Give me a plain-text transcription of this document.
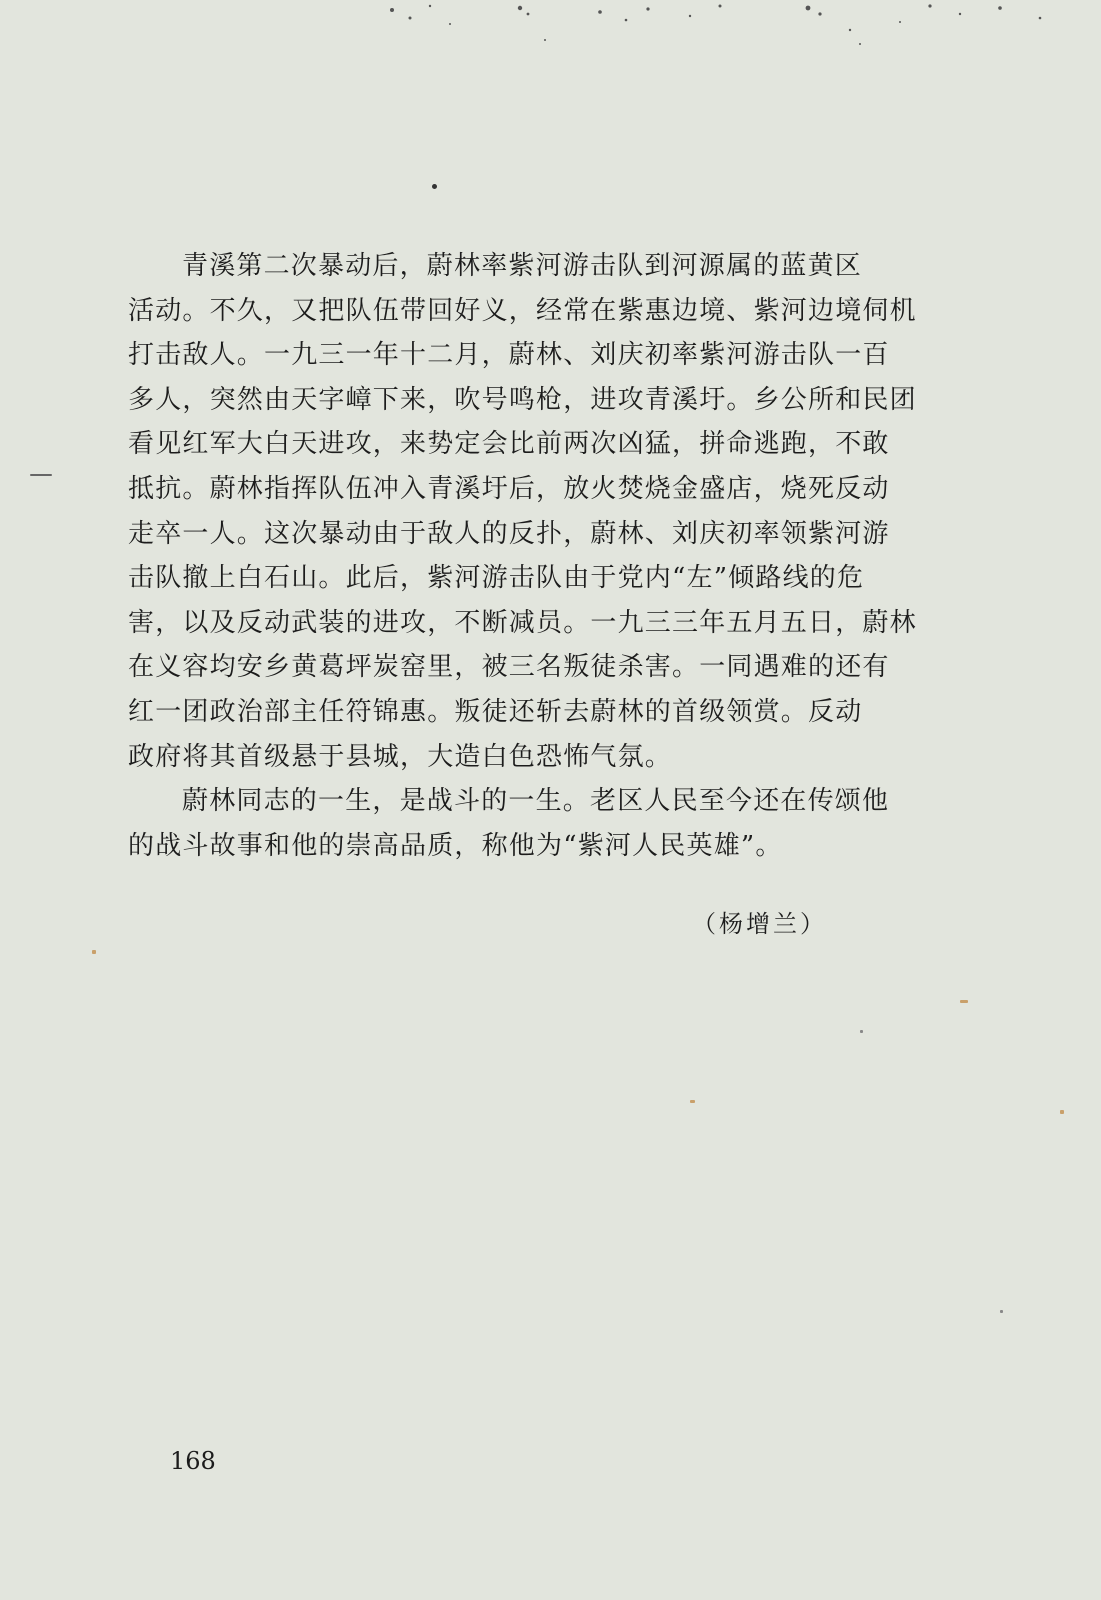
青溪第二次暴动后，蔚林率紫河游击队到河源属的蓝黄区
活动。不久，又把队伍带回好义，经常在紫惠边境、紫河边境伺机
打击敌人。一九三一年十二月，蔚林、刘庆初率紫河游击队一百
多人，突然由天字嶂下来，吹号鸣枪，进攻青溪圩。乡公所和民团
看见红军大白天进攻，来势定会比前两次凶猛，拼命逃跑，不敢
抵抗。蔚林指挥队伍冲入青溪圩后，放火焚烧金盛店，烧死反动
走卒一人。这次暴动由于敌人的反扑，蔚林、刘庆初率领紫河游
击队撤上白石山。此后，紫河游击队由于党内“左”倾路线的危
害，以及反动武装的进攻，不断减员。一九三三年五月五日，蔚林
在义容均安乡黄葛坪炭窑里，被三名叛徒杀害。一同遇难的还有
红一团政治部主任符锦惠。叛徒还斩去蔚林的首级领赏。反动
政府将其首级悬于县城，大造白色恐怖气氛。
蔚林同志的一生，是战斗的一生。老区人民至今还在传颂他
的战斗故事和他的崇高品质，称他为“紫河人民英雄”。
（杨增兰）
168
